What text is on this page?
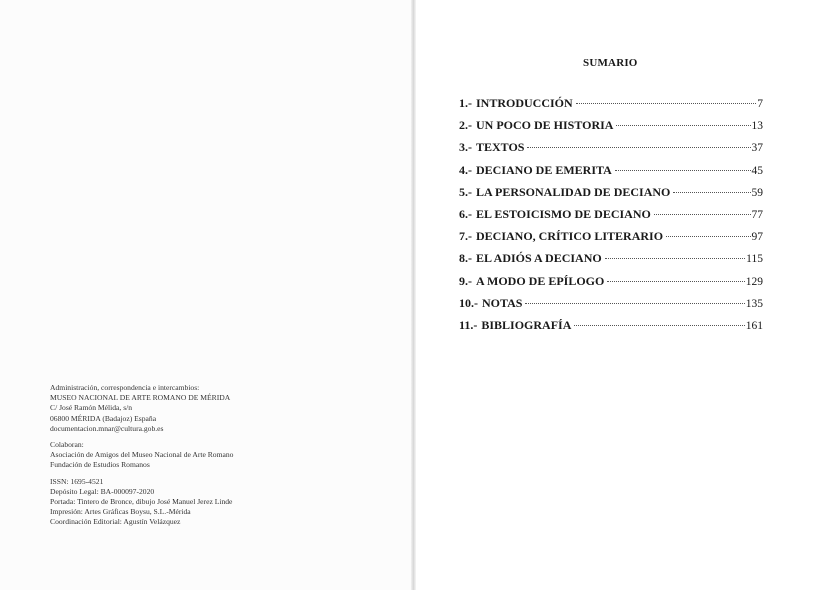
Administración, correspondencia e intercambios:
MUSEO NACIONAL DE ARTE ROMANO DE MÉRIDA
C/ José Ramón Mélida, s/n
06800 MÉRIDA (Badajoz) España
documentacion.mnar@cultura.gob.es
Colaboran:
Asociación de Amigos del Museo Nacional de Arte Romano
Fundación de Estudios Romanos
ISSN: 1695-4521
Depósito Legal: BA-000097-2020
Portada: Tintero de Bronce, dibujo José Manuel Jerez Linde
Impresión: Artes Gráficas Boysu, S.L.-Mérida
Coordinación Editorial: Agustín Velázquez
SUMARIO
1.- INTRODUCCIÓN	7
2.- UN POCO DE HISTORIA	13
3.- TEXTOS	37
4.- DECIANO DE EMERITA	45
5.- LA PERSONALIDAD DE DECIANO	59
6.- EL ESTOICISMO DE DECIANO	77
7.- DECIANO, CRÍTICO LITERARIO	97
8.- EL ADIÓS A DECIANO	115
9.- A MODO DE EPÍLOGO	129
10.- NOTAS	135
11.- BIBLIOGRAFÍA	161
